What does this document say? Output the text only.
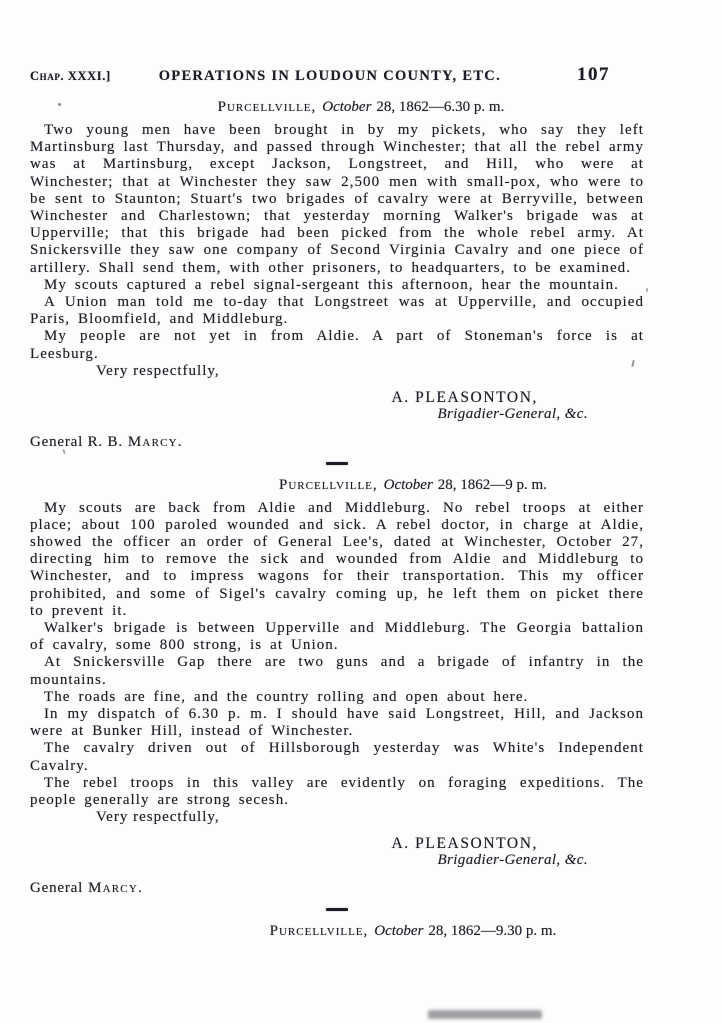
Chap. XXXI.]	OPERATIONS IN LOUDOUN COUNTY, ETC.	107

Purcellville, October 28, 1862—6.30 p. m.

Two young men have been brought in by my pickets, who say they left Martinsburg last Thursday, and passed through Winchester; that all the rebel army was at Martinsburg, except Jackson, Longstreet, and Hill, who were at Winchester; that at Winchester they saw 2,500 men with small-pox, who were to be sent to Staunton; Stuart's two brigades of cavalry were at Berryville, between Winchester and Charlestown; that yesterday morning Walker's brigade was at Upperville; that this brigade had been picked from the whole rebel army. At Snickersville they saw one company of Second Virginia Cavalry and one piece of artillery. Shall send them, with other prisoners, to headquarters, to be examined.

My scouts captured a rebel signal-sergeant this afternoon, hear the mountain.

A Union man told me to-day that Longstreet was at Upperville, and occupied Paris, Bloomfield, and Middleburg.

My people are not yet in from Aldie. A part of Stoneman's force is at Leesburg.

Very respectfully,

A. PLEASONTON,
Brigadier-General, &c.

General R. B. Marcy.

Purcellville, October 28, 1862—9 p. m.

My scouts are back from Aldie and Middleburg. No rebel troops at either place; about 100 paroled wounded and sick. A rebel doctor, in charge at Aldie, showed the officer an order of General Lee's, dated at Winchester, October 27, directing him to remove the sick and wounded from Aldie and Middleburg to Winchester, and to impress wagons for their transportation. This my officer prohibited, and some of Sigel's cavalry coming up, he left them on picket there to prevent it.

Walker's brigade is between Upperville and Middleburg. The Georgia battalion of cavalry, some 800 strong, is at Union.

At Snickersville Gap there are two guns and a brigade of infantry in the mountains.

The roads are fine, and the country rolling and open about here.

In my dispatch of 6.30 p. m. I should have said Longstreet, Hill, and Jackson were at Bunker Hill, instead of Winchester.

The cavalry driven out of Hillsborough yesterday was White's Independent Cavalry.

The rebel troops in this valley are evidently on foraging expeditions. The people generally are strong secesh.

Very respectfully,

A. PLEASONTON,
Brigadier-General, &c.

General Marcy.

Purcellville, October 28, 1862—9.30 p. m.
